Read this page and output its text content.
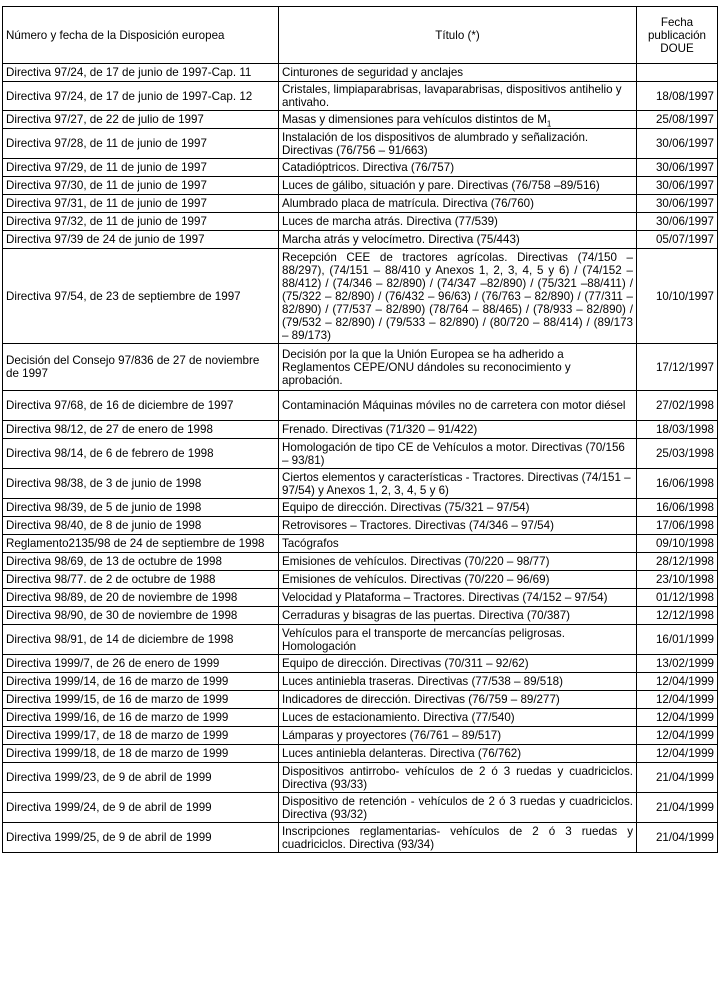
Número y fecha de la Disposición europea	Título (*)	Fecha publicación DOUE
Directiva 97/24, de 17 de junio de 1997-Cap. 11	Cinturones de seguridad y anclajes	
Directiva 97/24, de 17 de junio de 1997-Cap. 12	Cristales, limpiaparabrisas, lavaparabrisas, dispositivos antihelio y antivaho.	18/08/1997
Directiva 97/27, de 22 de julio de 1997	Masas y dimensiones para vehículos distintos de $M_1$	25/08/1997
Directiva 97/28, de 11 de junio de 1997	Instalación de los dispositivos de alumbrado y señalización. Directivas (76/756 – 91/663)	30/06/1997
Directiva 97/29, de 11 de junio de 1997	Catadióptricos. Directiva (76/757)	30/06/1997
Directiva 97/30, de 11 de junio de 1997	Luces de gálibo, situación y pare. Directivas (76/758 –89/516)	30/06/1997
Directiva 97/31, de 11 de junio de 1997	Alumbrado placa de matrícula. Directiva (76/760)	30/06/1997
Directiva 97/32, de 11 de junio de 1997	Luces de marcha atrás. Directiva (77/539)	30/06/1997
Directiva 97/39 de 24 de junio de 1997	Marcha atrás y velocímetro. Directiva (75/443)	05/07/1997
Directiva 97/54, de 23 de septiembre de 1997	Recepción CEE de tractores agrícolas. Directivas (74/150 – 88/297), (74/151 – 88/410 y Anexos 1, 2, 3, 4, 5 y 6) / (74/152 – 88/412) / (74/346 – 82/890) / (74/347 –82/890) / (75/321 –88/411) / (75/322 – 82/890) / (76/432 – 96/63) / (76/763 – 82/890) / (77/311 – 82/890) / (77/537 – 82/890) (78/764 – 88/465) / (78/933 – 82/890) / (79/532 – 82/890) / (79/533 – 82/890) / (80/720 – 88/414) / (89/173 – 89/173)	10/10/1997
Decisión del Consejo 97/836 de 27 de noviembre de 1997	Decisión por la que la Unión Europea se ha adherido a Reglamentos CEPE/ONU dándoles su reconocimiento y aprobación.	17/12/1997
Directiva 97/68, de 16 de diciembre de 1997	Contaminación Máquinas móviles no de carretera con motor diésel	27/02/1998
Directiva 98/12, de 27 de enero de 1998	Frenado. Directivas (71/320 – 91/422)	18/03/1998
Directiva 98/14, de 6 de febrero de 1998	Homologación de tipo CE de Vehículos a motor. Directivas (70/156 – 93/81)	25/03/1998
Directiva 98/38, de 3 de junio de 1998	Ciertos elementos y características - Tractores. Directivas (74/151 – 97/54) y Anexos 1, 2, 3, 4, 5 y 6)	16/06/1998
Directiva 98/39, de 5 de junio de 1998	Equipo de dirección. Directivas (75/321 – 97/54)	16/06/1998
Directiva 98/40, de 8 de junio de 1998	Retrovisores – Tractores. Directivas (74/346 – 97/54)	17/06/1998
Reglamento2135/98 de 24 de septiembre de 1998	Tacógrafos	09/10/1998
Directiva 98/69, de 13 de octubre de 1998	Emisiones de vehículos. Directivas (70/220 – 98/77)	28/12/1998
Directiva 98/77. de 2 de octubre de 1988	Emisiones de vehículos. Directivas (70/220 – 96/69)	23/10/1998
Directiva 98/89, de 20 de noviembre de 1998	Velocidad y Plataforma – Tractores. Directivas (74/152 – 97/54)	01/12/1998
Directiva 98/90, de 30 de noviembre de 1998	Cerraduras y bisagras de las puertas. Directiva (70/387)	12/12/1998
Directiva 98/91, de 14 de diciembre de 1998	Vehículos para el transporte de mercancías peligrosas. Homologación	16/01/1999
Directiva 1999/7, de 26 de enero de 1999	Equipo de dirección. Directivas (70/311 – 92/62)	13/02/1999
Directiva 1999/14, de 16 de marzo de 1999	Luces antiniebla traseras. Directivas (77/538 – 89/518)	12/04/1999
Directiva 1999/15, de 16 de marzo de 1999	Indicadores de dirección. Directivas (76/759 – 89/277)	12/04/1999
Directiva 1999/16, de 16 de marzo de 1999	Luces de estacionamiento. Directiva (77/540)	12/04/1999
Directiva 1999/17, de 18 de marzo de 1999	Lámparas y proyectores (76/761 – 89/517)	12/04/1999
Directiva 1999/18, de 18 de marzo de 1999	Luces antiniebla delanteras. Directiva (76/762)	12/04/1999
Directiva 1999/23, de 9 de abril de 1999	Dispositivos antirrobo- vehículos de 2 ó 3 ruedas y cuadriciclos. Directiva (93/33)	21/04/1999
Directiva 1999/24, de 9 de abril de 1999	Dispositivo de retención - vehículos de 2 ó 3 ruedas y cuadriciclos. Directiva (93/32)	21/04/1999
Directiva 1999/25, de 9 de abril de 1999	Inscripciones reglamentarias- vehículos de 2 ó 3 ruedas y cuadriciclos. Directiva (93/34)	21/04/1999
